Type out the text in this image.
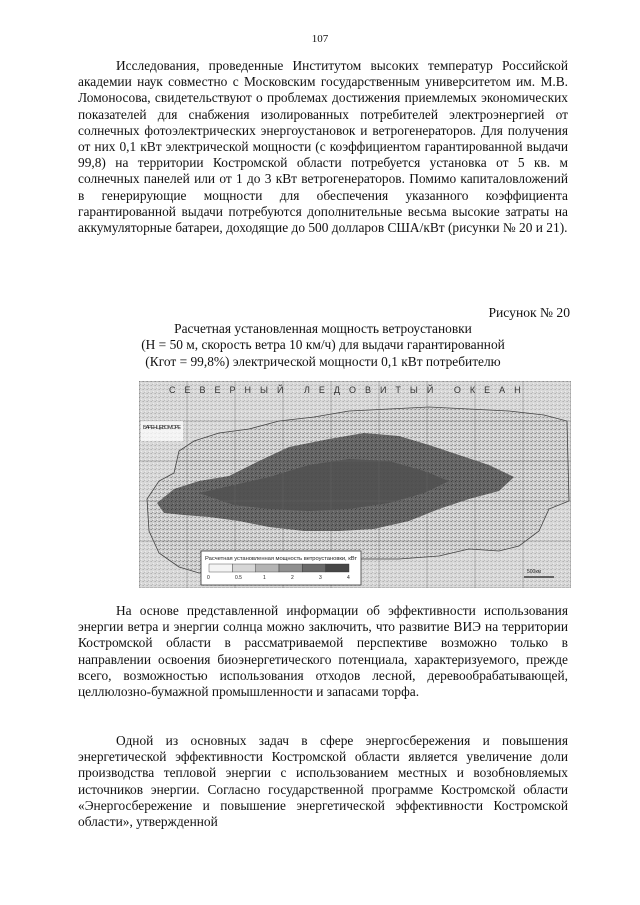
107

Исследования, проведенные Институтом высоких температур Российской академии наук совместно с Московским государственным университетом им. М.В. Ломоносова, свидетельствуют о проблемах достижения приемлемых экономических показателей для снабжения изолированных потребителей электроэнергией от солнечных фотоэлектрических энергоустановок и ветрогенераторов. Для получения от них 0,1 кВт электрической мощности (с коэффициентом гарантированной выдачи 99,8) на территории Костромской области потребуется установка от 5 кв. м солнечных панелей или от 1 до 3 кВт ветрогенераторов. Помимо капиталовложений в генерирующие мощности для обеспечения указанного коэффициента гарантированной выдачи потребуются дополнительные весьма высокие затраты на аккумуляторные батареи, доходящие до 500 долларов США/кВт (рисунки № 20 и 21).

Рисунок № 20
Расчетная установленная мощность ветроустановки
(Н = 50 м, скорость ветра 10 км/ч) для выдачи гарантированной
(Кгот = 99,8%) электрической мощности 0,1 кВт потребителю
СЕВЕРНЫЙ ЛЕДОВИТЫЙ ОКЕАН
БАРЕНЦЕВО МОРЕ
Расчетная установленная мощность ветроустановки, кВт
0	0.5	1	2	3	4
500км

На основе представленной информации об эффективности использования энергии ветра и энергии солнца можно заключить, что развитие ВИЭ на территории Костромской области в рассматриваемой перспективе возможно только в направлении освоения биоэнергетического потенциала, характеризуемого, прежде всего, возможностью использования отходов лесной, деревообрабатывающей, целлюлозно-бумажной промышленности и запасами торфа.

Одной из основных задач в сфере энергосбережения и повышения энергетической эффективности Костромской области является увеличение доли производства тепловой энергии с использованием местных и возобновляемых источников энергии. Согласно государственной программе Костромской области «Энергосбережение и повышение энергетической эффективности Костромской области», утвержденной
